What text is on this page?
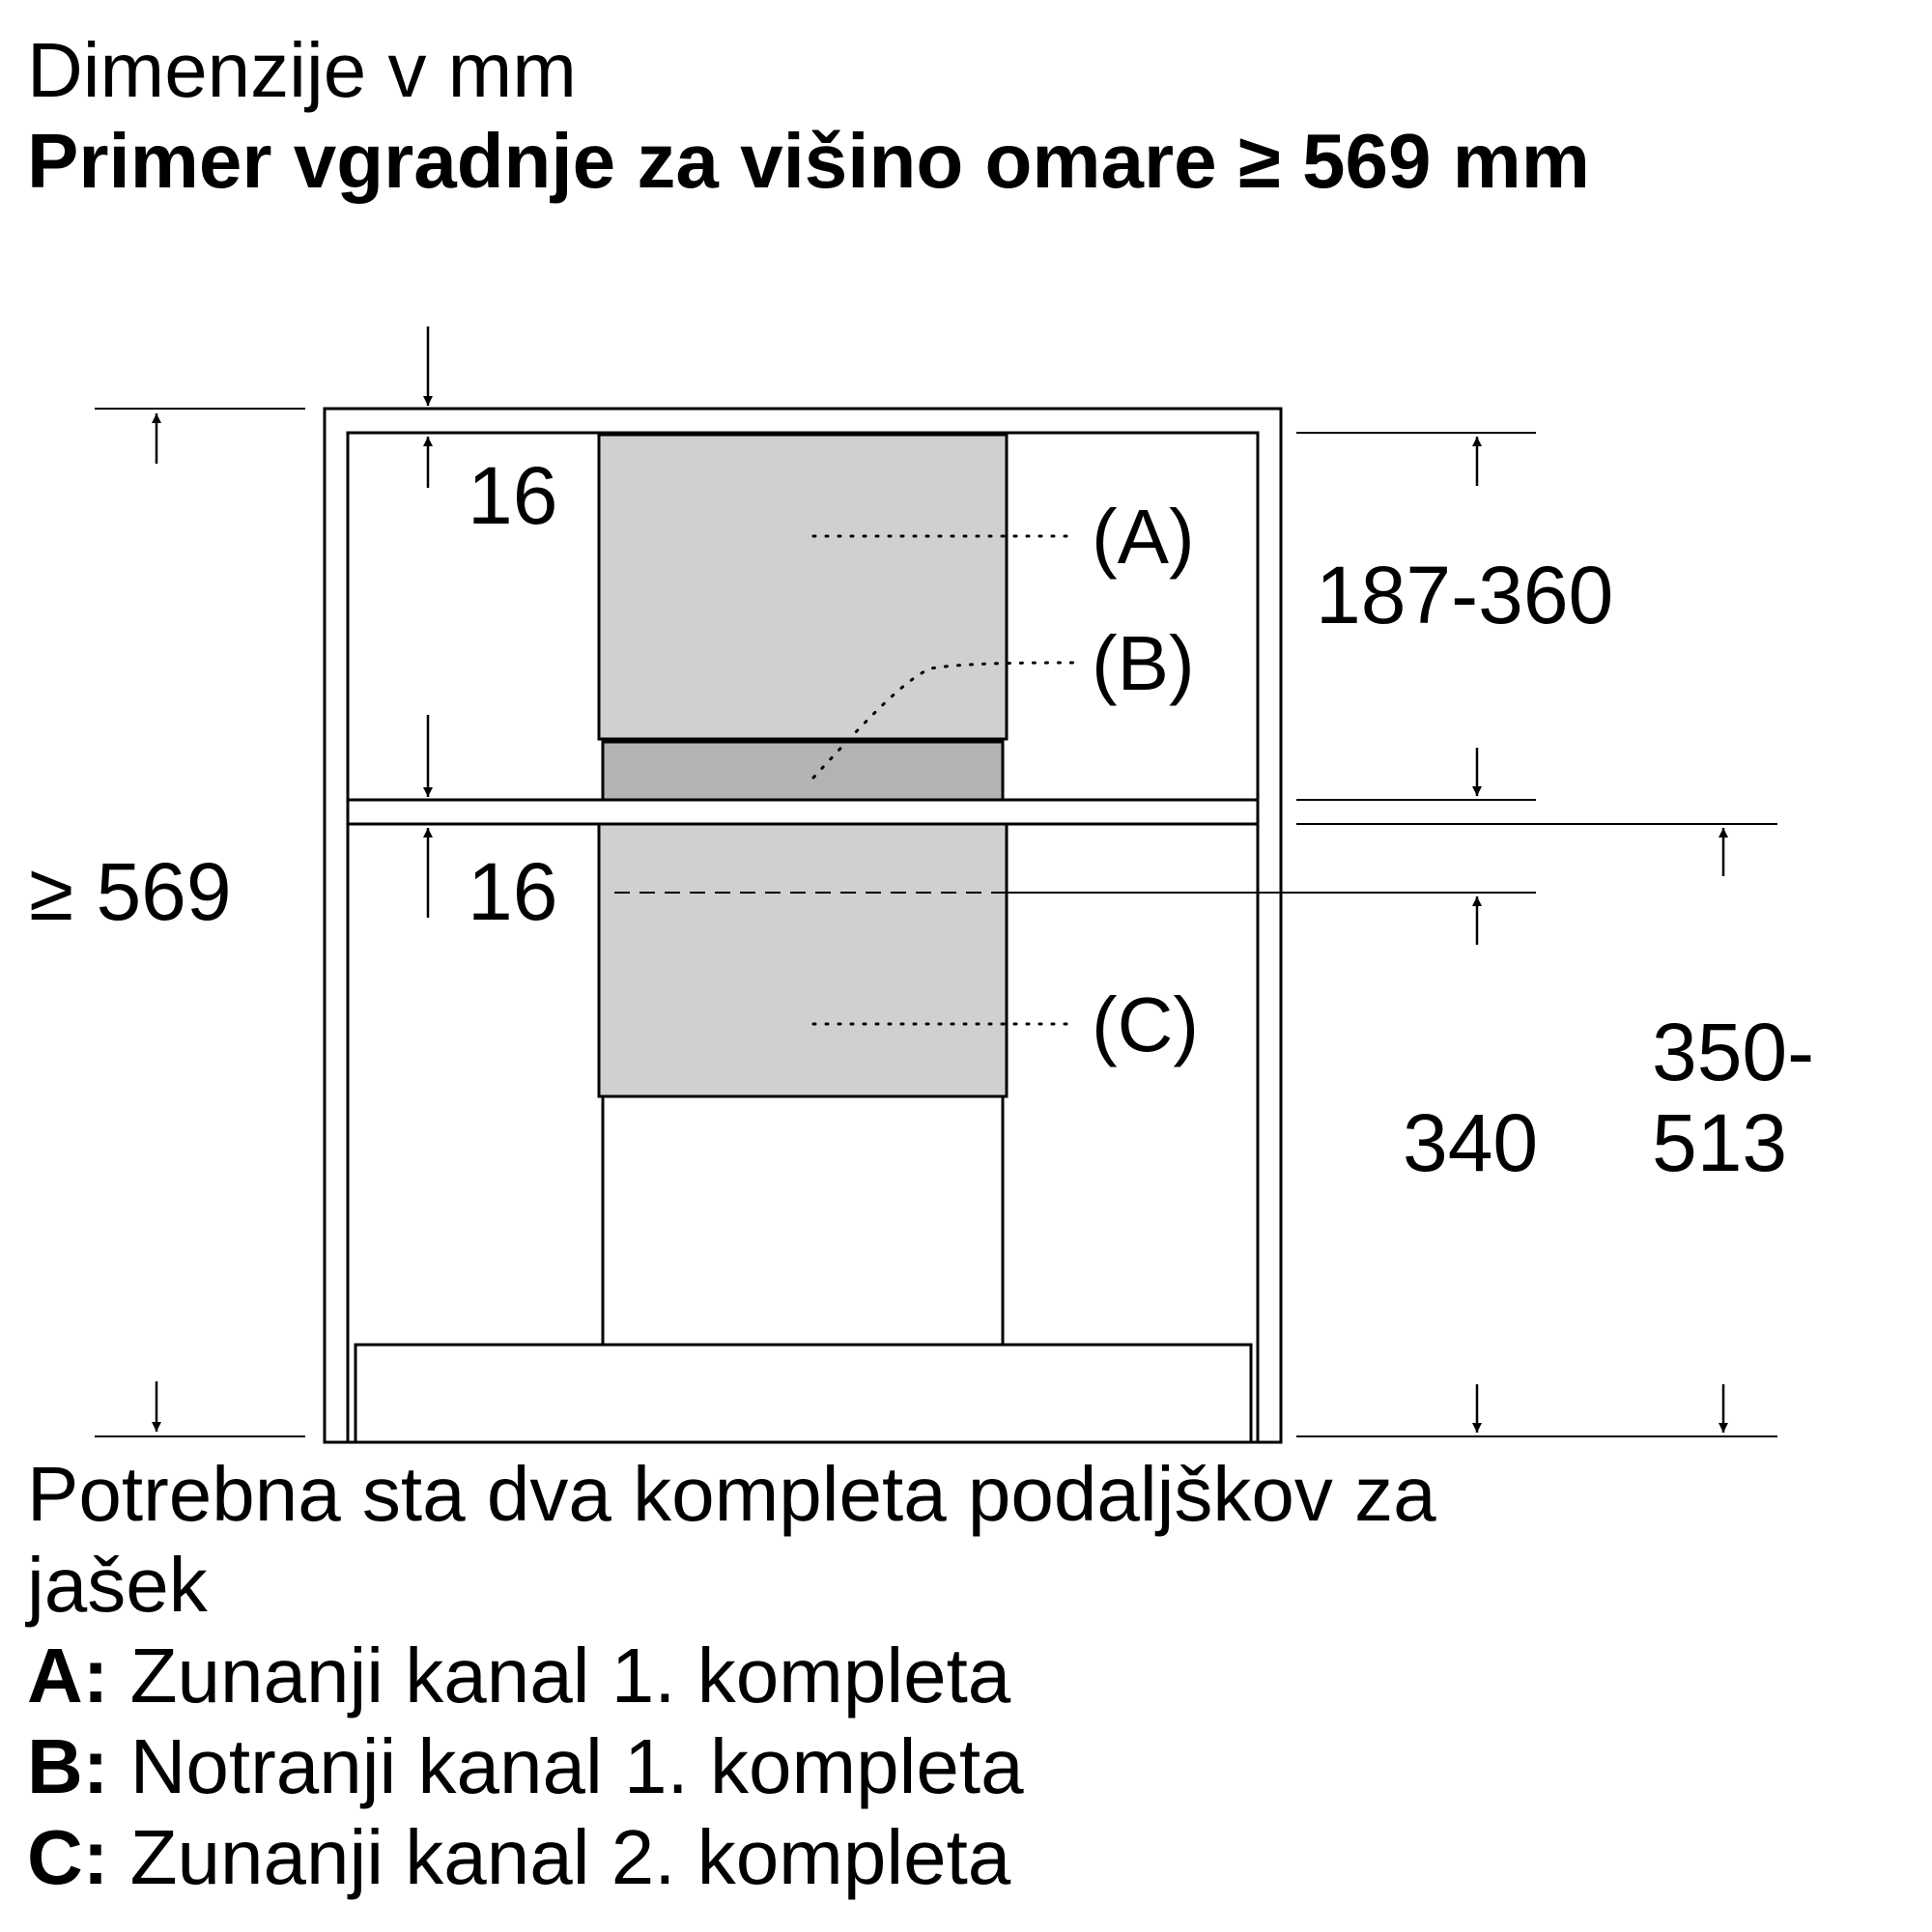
Dimenzije v mm
Primer vgradnje za višino omare ≥ 569 mm
(A)
(B)
(C)
≥ 569
16
16
187-360
340
350-
513
Potrebna sta dva kompleta podaljškov za
jašek
A: Zunanji kanal 1. kompleta
B: Notranji kanal 1. kompleta
C: Zunanji kanal 2. kompleta
